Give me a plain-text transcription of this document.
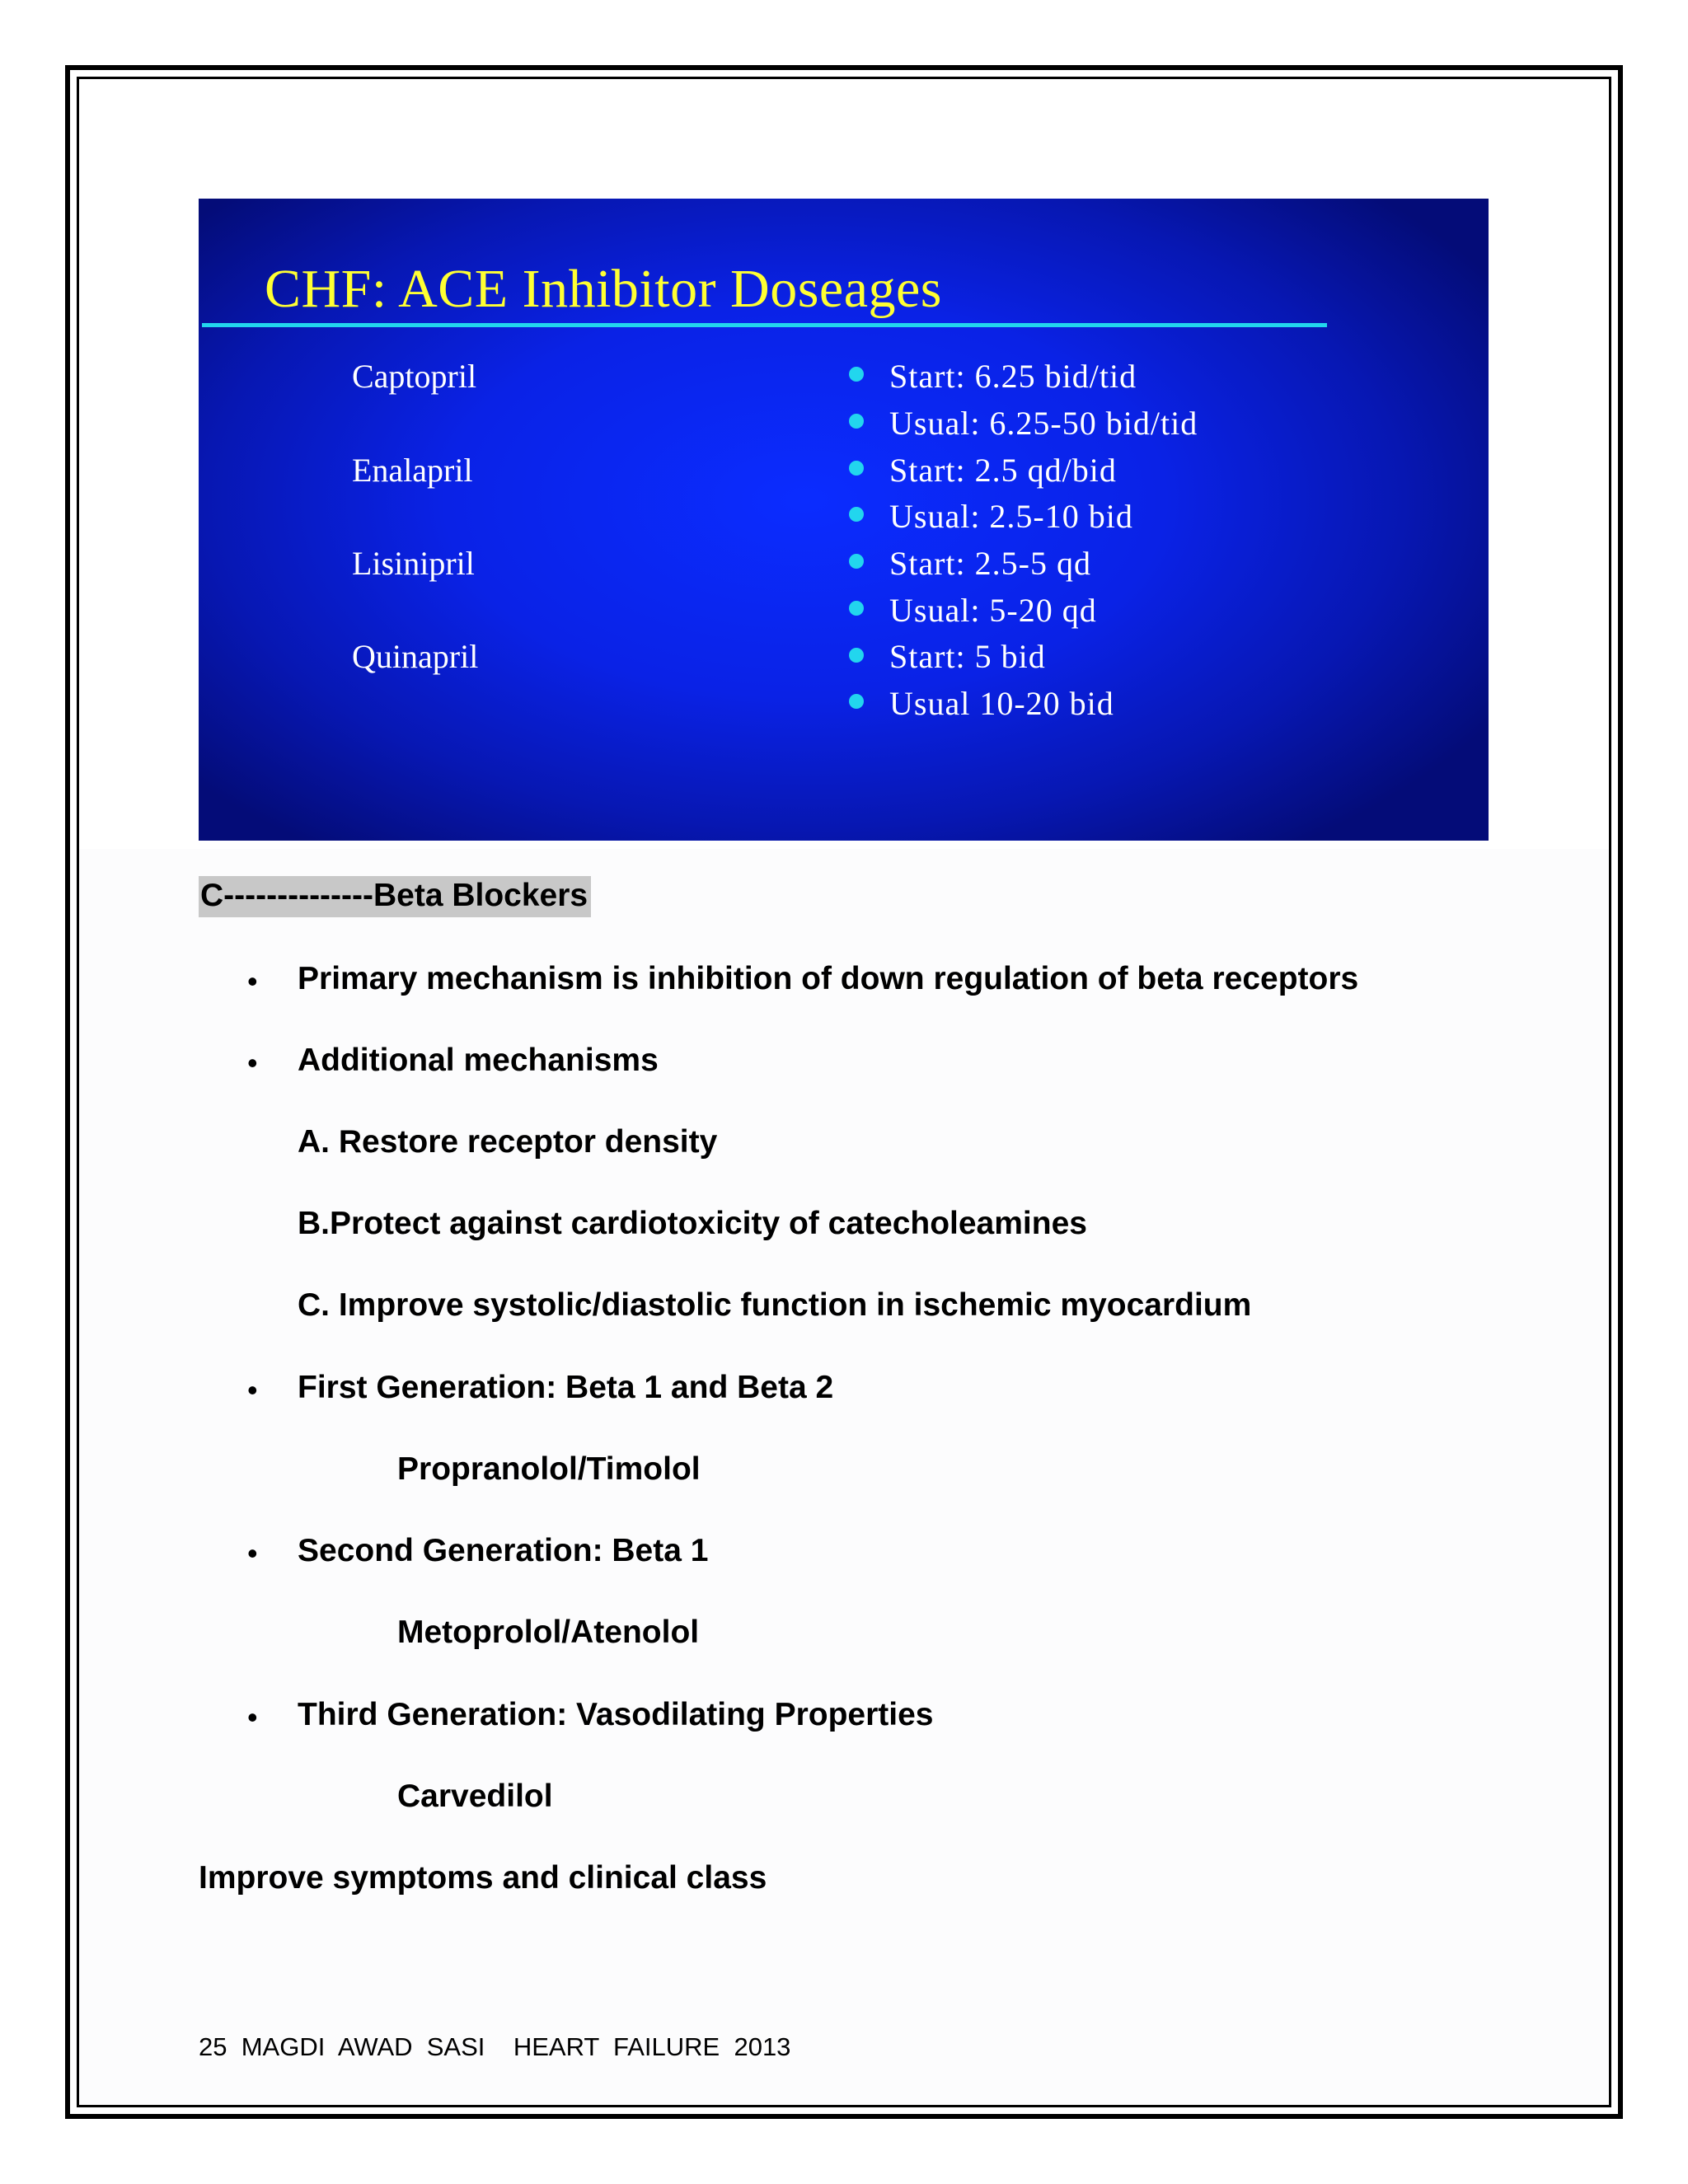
CHF: ACE Inhibitor Doseages
Captopril
Enalapril
Lisinipril
Quinapril
Start: 6.25 bid/tid
Usual: 6.25-50 bid/tid
Start: 2.5 qd/bid
Usual: 2.5-10 bid
Start: 2.5-5 qd
Usual: 5-20 qd
Start: 5 bid
Usual 10-20 bid
C--------------Beta Blockers
• Primary mechanism is inhibition of down regulation of beta receptors
• Additional mechanisms
A. Restore receptor density
B.Protect against cardiotoxicity of catecholeamines
C. Improve systolic/diastolic function in ischemic myocardium
• First Generation: Beta 1 and Beta 2
Propranolol/Timolol
• Second Generation: Beta 1
Metoprolol/Atenolol
• Third Generation: Vasodilating Properties
Carvedilol
Improve symptoms and clinical class
25  MAGDI  AWAD  SASI    HEART  FAILURE  2013
